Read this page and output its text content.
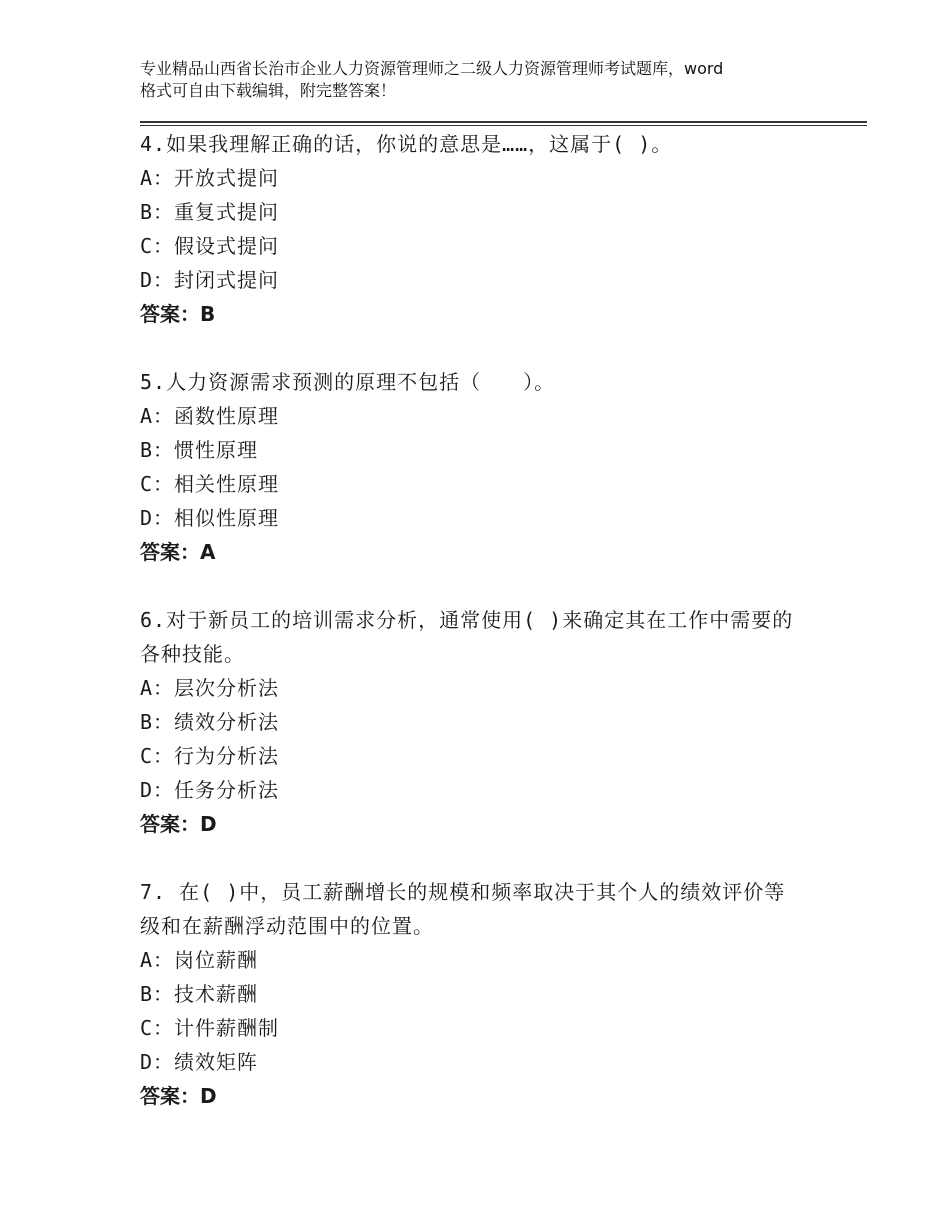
专业精品山西省长治市企业人力资源管理师之二级人力资源管理师考试题库，word
格式可自由下载编辑，附完整答案！

4.如果我理解正确的话，你说的意思是……，这属于( )。

A：开放式提问

B：重复式提问

C：假设式提问

D：封闭式提问

答案：B

5.人力资源需求预测的原理不包括（　　）。

A：函数性原理

B：惯性原理

C：相关性原理

D：相似性原理

答案：A

6.对于新员工的培训需求分析，通常使用( )来确定其在工作中需要的

各种技能。

A：层次分析法

B：绩效分析法

C：行为分析法

D：任务分析法

答案：D

7. 在( )中，员工薪酬增长的规模和频率取决于其个人的绩效评价等

级和在薪酬浮动范围中的位置。

A：岗位薪酬

B：技术薪酬

C：计件薪酬制

D：绩效矩阵

答案：D
